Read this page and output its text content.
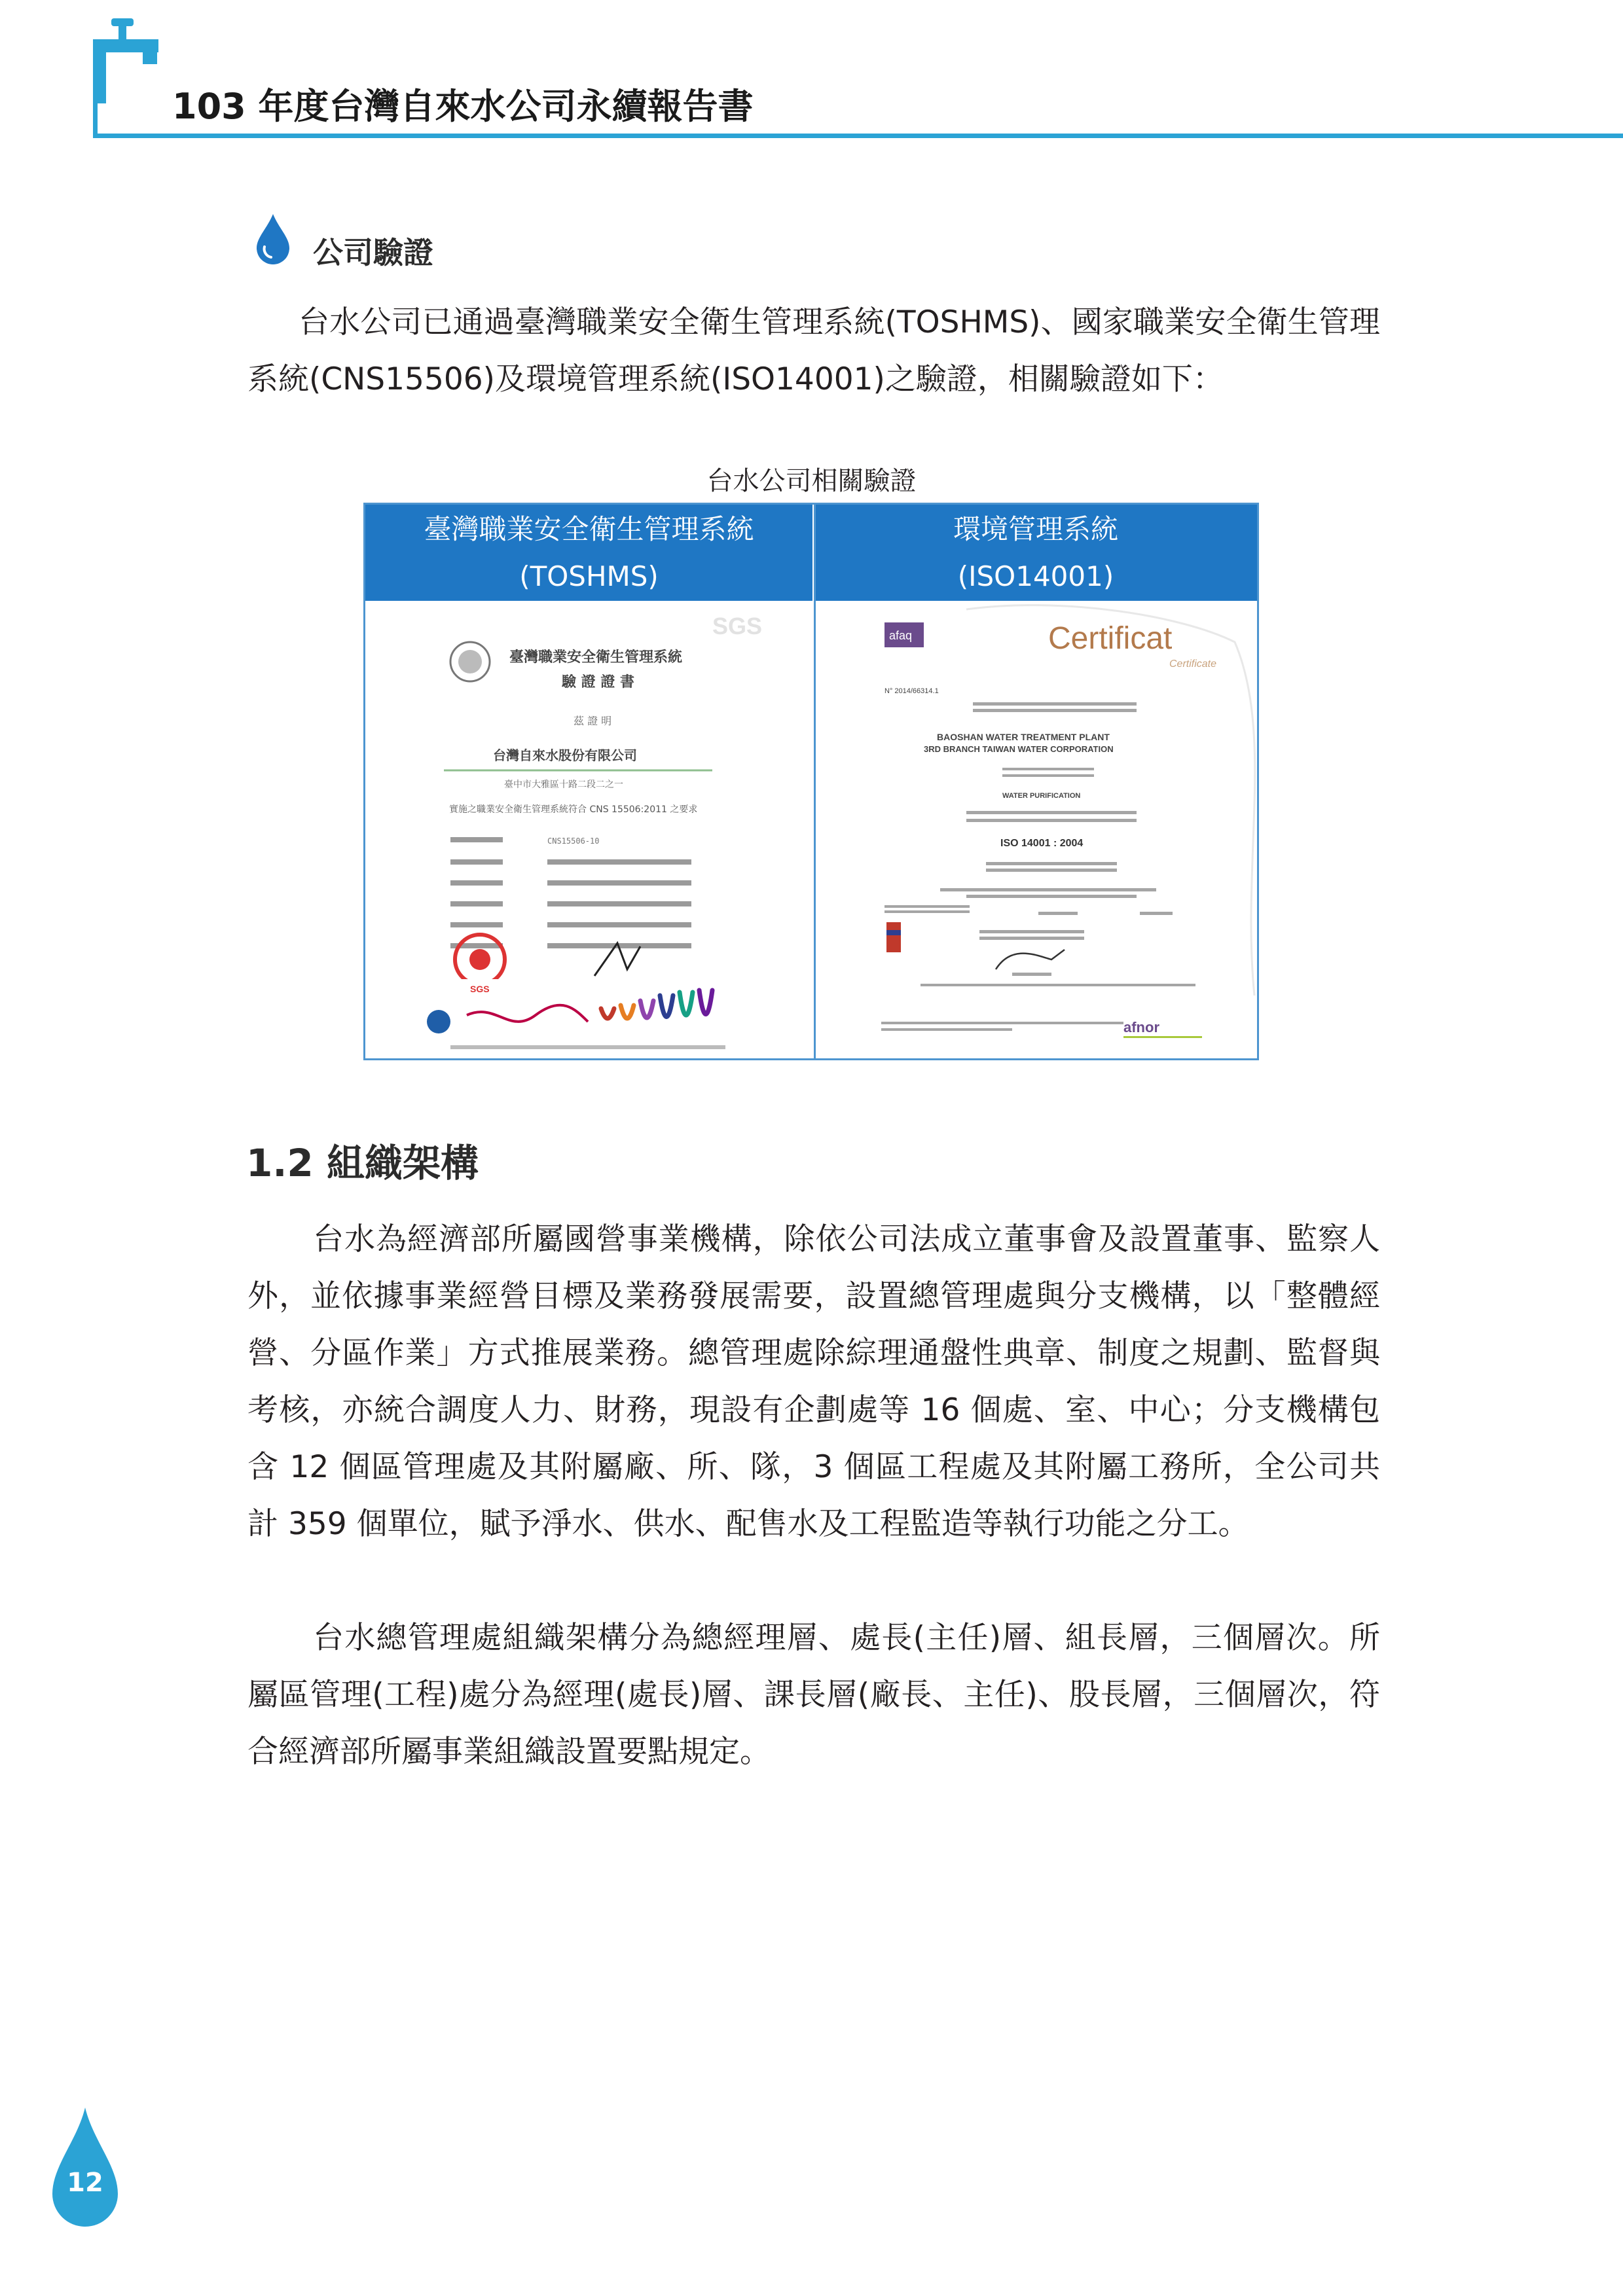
103 年度台灣自來水公司永續報告書
公司驗證
台水公司已通過臺灣職業安全衛生管理系統(TOSHMS)、國家職業安全衛生管理系統(CNS15506)及環境管理系統(ISO14001)之驗證，相關驗證如下：
台水公司相關驗證
臺灣職業安全衛生管理系統
(TOSHMS)
環境管理系統
(ISO14001)
SGS
臺灣職業安全衛生管理系統
驗 證 證 書
茲 證 明
台灣自來水股份有限公司
臺中市大雅區十路二段二之一
實施之職業安全衛生管理系統符合 CNS 15506:2011 之要求
CNS15506-10
SGS
afaq	Certificat
Certificate
N° 2014/66314.1
BAOSHAN WATER TREATMENT PLANT
3RD BRANCH TAIWAN WATER CORPORATION
WATER PURIFICATION
ISO 14001 : 2004
afnor
1.2 組織架構
台水為經濟部所屬國營事業機構，除依公司法成立董事會及設置董事、監察人外，並依據事業經營目標及業務發展需要，設置總管理處與分支機構，以「整體經營、分區作業」方式推展業務。總管理處除綜理通盤性典章、制度之規劃、監督與考核，亦統合調度人力、財務，現設有企劃處等 16 個處、室、中心；分支機構包含 12 個區管理處及其附屬廠、所、隊，3 個區工程處及其附屬工務所，全公司共計 359 個單位，賦予淨水、供水、配售水及工程監造等執行功能之分工。
台水總管理處組織架構分為總經理層、處長(主任)層、組長層，三個層次。所屬區管理(工程)處分為經理(處長)層、課長層(廠長、主任)、股長層，三個層次，符合經濟部所屬事業組織設置要點規定。
12
